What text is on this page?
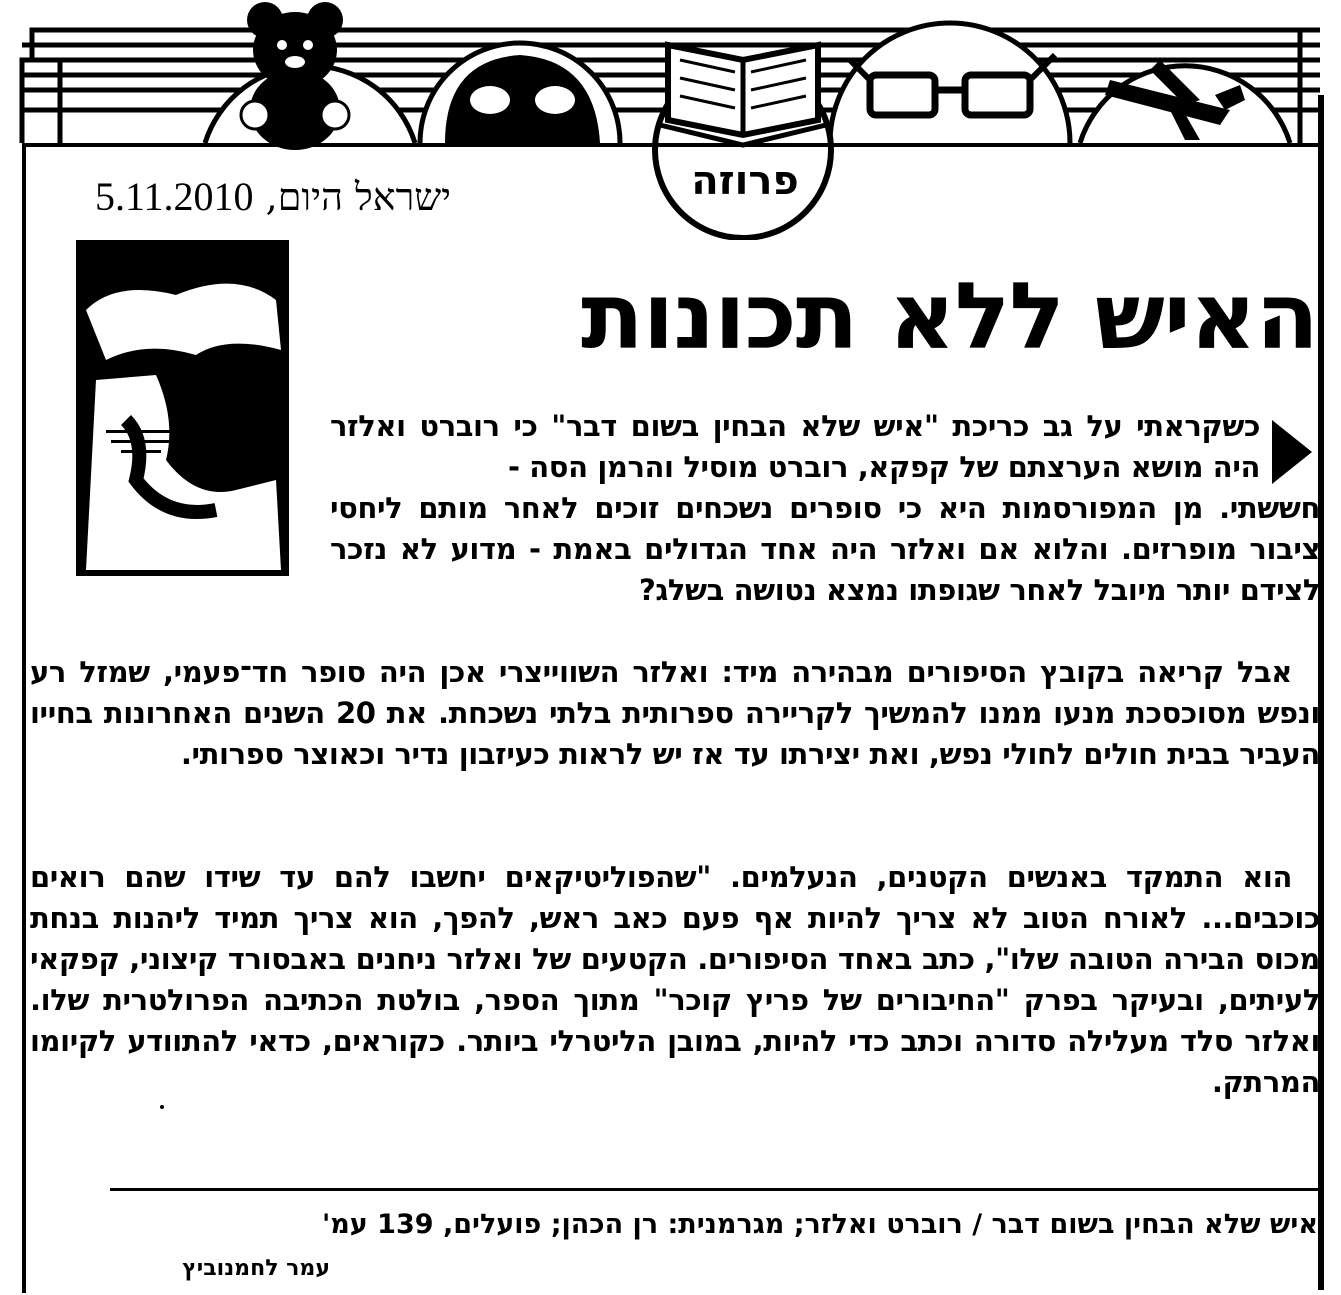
פרוזה
ישראל היום, 5.11.2010
האיש ללא תכונות
כשקראתי על גב כריכת "איש שלא הבחין בשום דבר" כי רוברט ואלזר היה מושא הערצתם של קפקא, רוברט מוסיל והרמן הסה -
חששתי. מן המפורסמות היא כי סופרים נשכחים זוכים לאחר מותם ליחסי ציבור מופרזים. והלוא אם ואלזר היה אחד הגדולים באמת - מדוע לא נזכר לצידם יותר מיובל לאחר שגופתו נמצא נטושה בשלג?
אבל קריאה בקובץ הסיפורים מבהירה מיד: ואלזר השווייצרי אכן היה סופר חד־פעמי, שמזל רע ונפש מסוכסכת מנעו ממנו להמשיך לקריירה ספרותית בלתי נשכחת. את 20 השנים האחרונות בחייו העביר בבית חולים לחולי נפש, ואת יצירתו עד אז יש לראות כעיזבון נדיר וכאוצר ספרותי.
הוא התמקד באנשים הקטנים, הנעלמים. "שהפוליטיקאים יחשבו להם עד שידו שהם רואים כוכבים... לאורח הטוב לא צריך להיות אף פעם כאב ראש, להפך, הוא צריך תמיד ליהנות בנחת מכוס הבירה הטובה שלו", כתב באחד הסיפורים. הקטעים של ואלזר ניחנים באבסורד קיצוני, קפקאי לעיתים, ובעיקר בפרק "החיבורים של פריץ קוכר" מתוך הספר, בולטת הכתיבה הפרולטרית שלו. ואלזר סלד מעלילה סדורה וכתב כדי להיות, במובן הליטרלי ביותר. כקוראים, כדאי להתוודע לקיומו המרתק.
איש שלא הבחין בשום דבר / רוברט ואלזר; מגרמנית: רן הכהן; פועלים, 139 עמ'
עמר לחמנוביץ
